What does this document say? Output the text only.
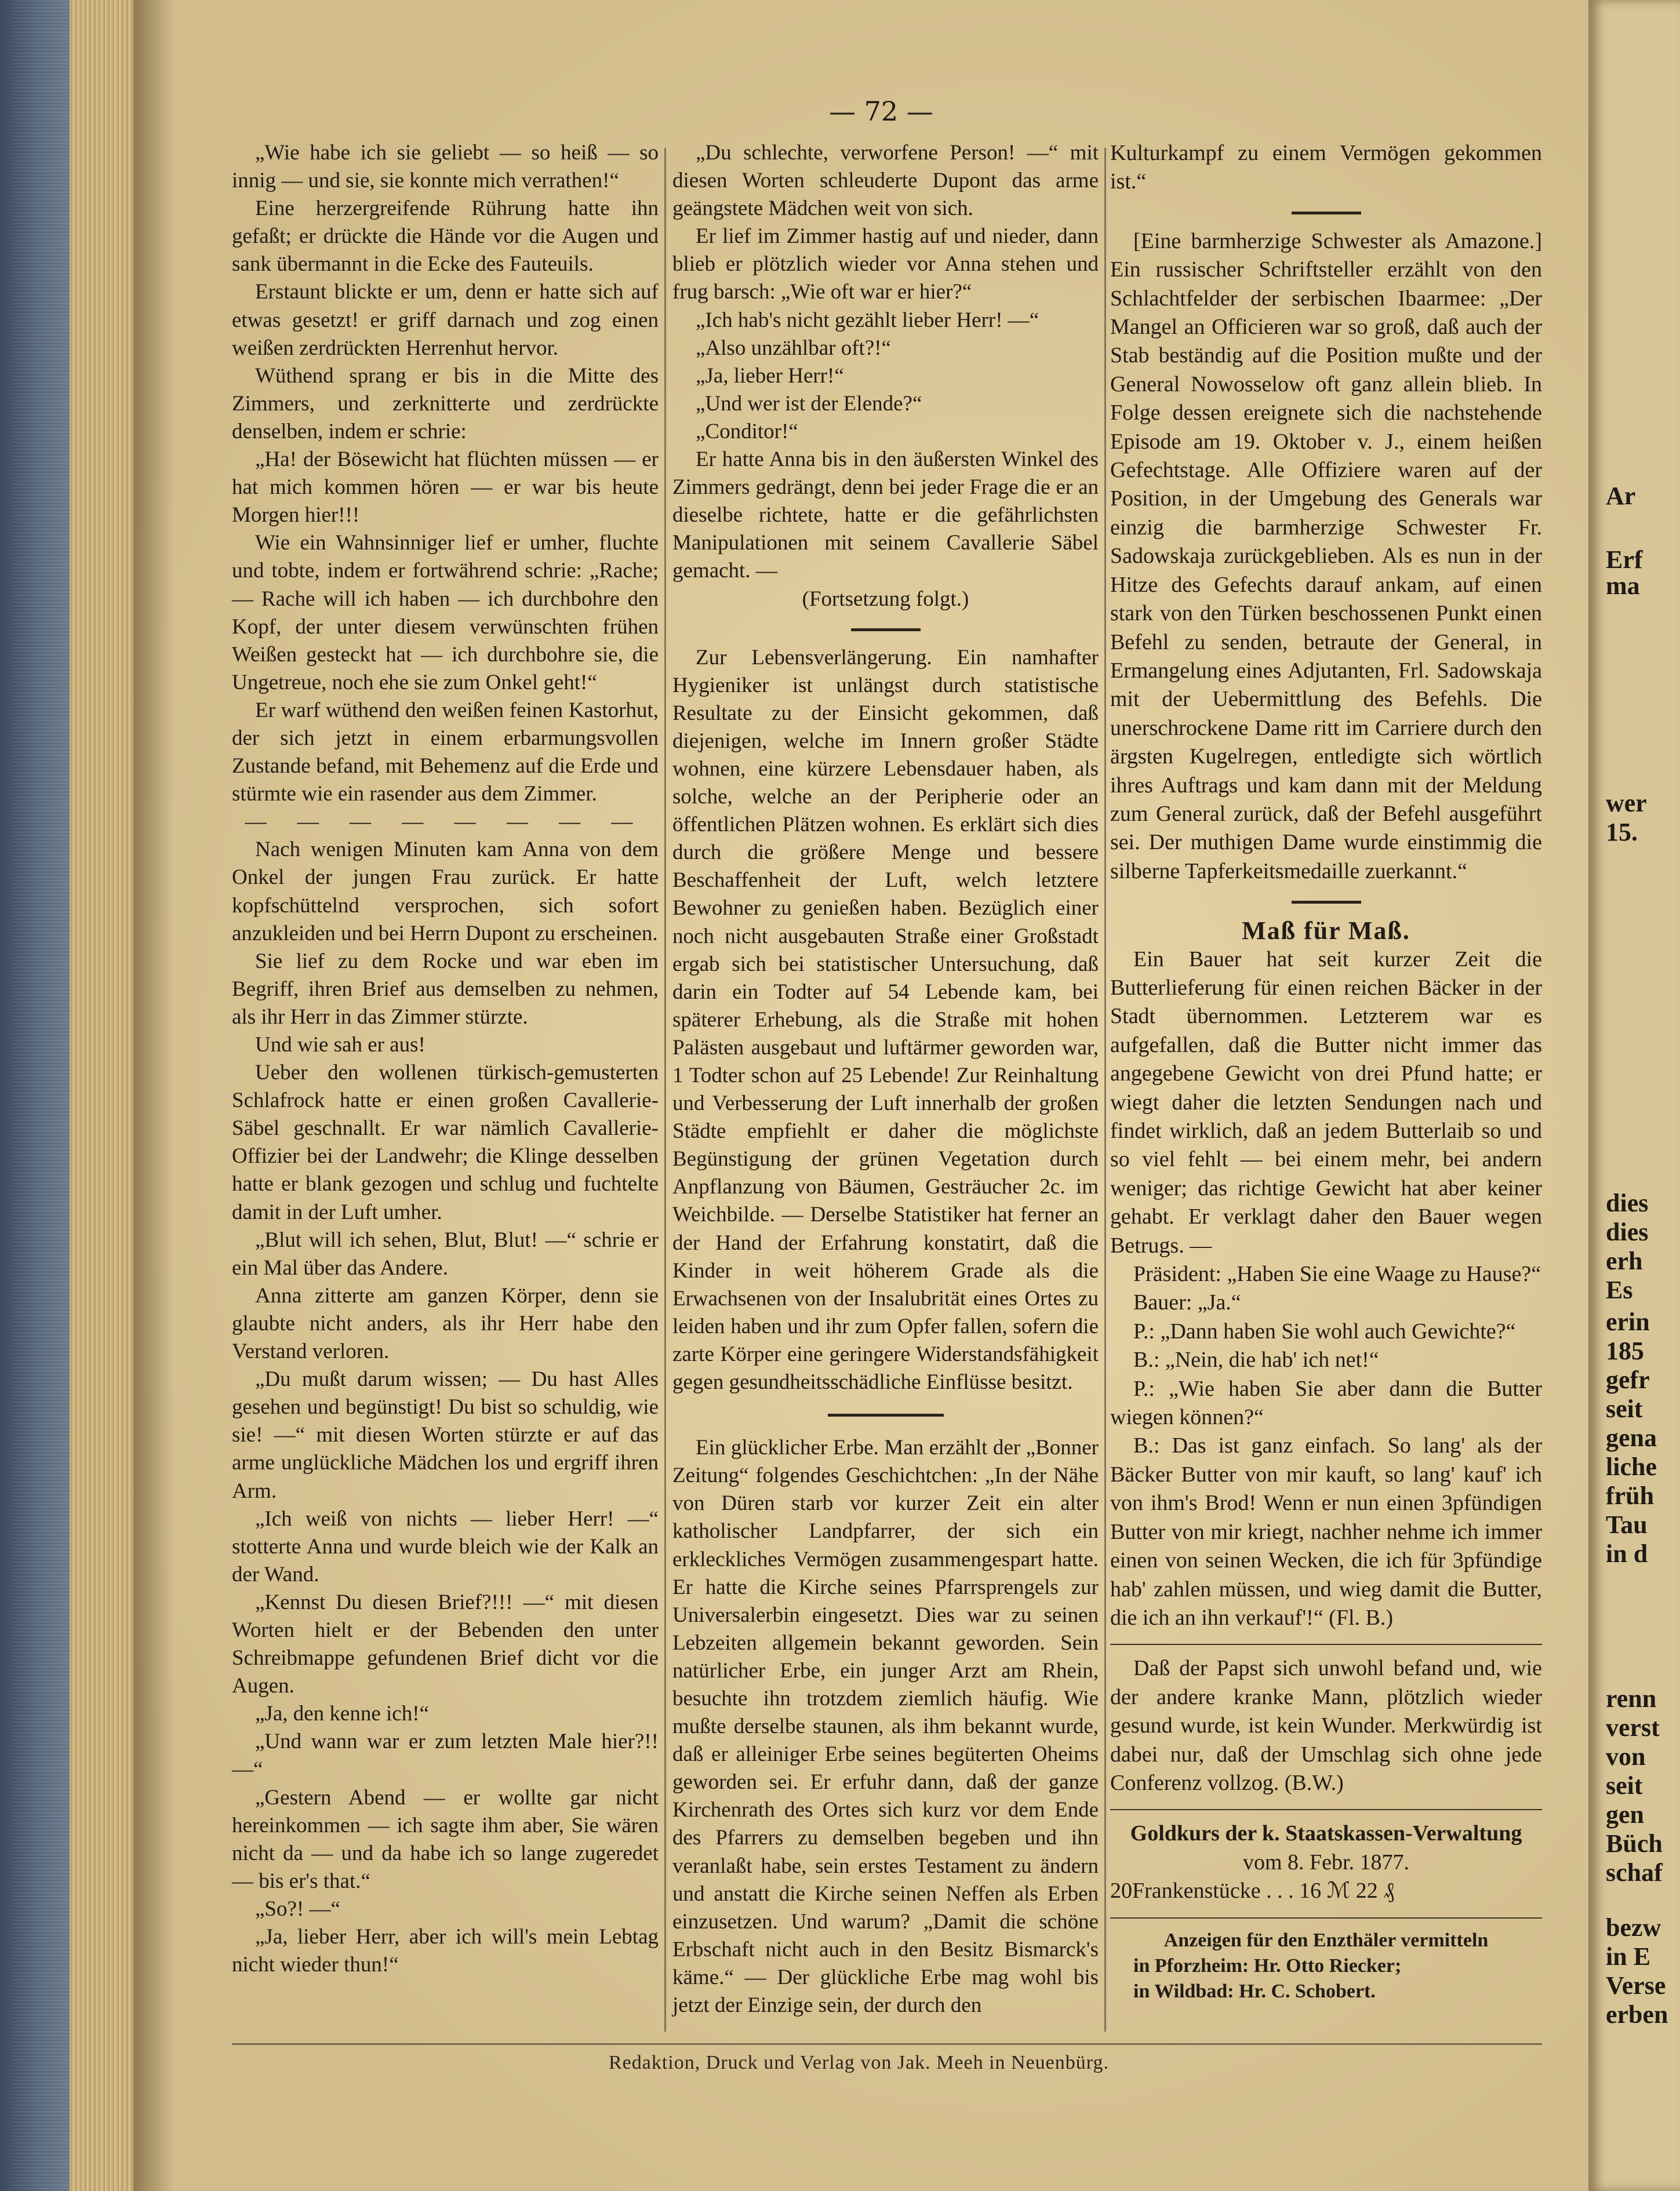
Ar
Erf
ma
wer
15.
dies
dies
erh
Es
erin
185
gefr
seit
gena
liche
früh
Tau
in d
renn
verst
von
seit
gen
Büch
schaf
bezw
in E
Verse
erben
— 72 —

„Wie habe ich sie geliebt — so heiß — so innig — und sie, sie konnte mich verrathen!“

Eine herzergreifende Rührung hatte ihn gefaßt; er drückte die Hände vor die Augen und sank übermannt in die Ecke des Fauteuils.

Erstaunt blickte er um, denn er hatte sich auf etwas gesetzt! er griff darnach und zog einen weißen zerdrückten Herrenhut hervor.

Wüthend sprang er bis in die Mitte des Zimmers, und zerknitterte und zerdrückte denselben, indem er schrie:

„Ha! der Bösewicht hat flüchten müssen — er hat mich kommen hören — er war bis heute Morgen hier!!!

Wie ein Wahnsinniger lief er umher, fluchte und tobte, indem er fortwährend schrie: „Rache; — Rache will ich haben — ich durchbohre den Kopf, der unter diesem verwünschten frühen Weißen gesteckt hat — ich durchbohre sie, die Ungetreue, noch ehe sie zum Onkel geht!“

Er warf wüthend den weißen feinen Kastorhut, der sich jetzt in einem erbarmungsvollen Zustande befand, mit Behemenz auf die Erde und stürmte wie ein rasender aus dem Zimmer.

— — — — — — — —

Nach wenigen Minuten kam Anna von dem Onkel der jungen Frau zurück. Er hatte kopfschüttelnd versprochen, sich sofort anzukleiden und bei Herrn Dupont zu erscheinen.

Sie lief zu dem Rocke und war eben im Begriff, ihren Brief aus demselben zu nehmen, als ihr Herr in das Zimmer stürzte.

Und wie sah er aus!

Ueber den wollenen türkisch-gemusterten Schlafrock hatte er einen großen Cavallerie-Säbel geschnallt. Er war nämlich Cavallerie-Offizier bei der Landwehr; die Klinge desselben hatte er blank gezogen und schlug und fuchtelte damit in der Luft umher.

„Blut will ich sehen, Blut, Blut! —“ schrie er ein Mal über das Andere.

Anna zitterte am ganzen Körper, denn sie glaubte nicht anders, als ihr Herr habe den Verstand verloren.

„Du mußt darum wissen; — Du hast Alles gesehen und begünstigt! Du bist so schuldig, wie sie! —“ mit diesen Worten stürzte er auf das arme unglückliche Mädchen los und ergriff ihren Arm.

„Ich weiß von nichts — lieber Herr! —“ stotterte Anna und wurde bleich wie der Kalk an der Wand.

„Kennst Du diesen Brief?!!! —“ mit diesen Worten hielt er der Bebenden den unter Schreibmappe gefundenen Brief dicht vor die Augen.

„Ja, den kenne ich!“

„Und wann war er zum letzten Male hier?!! —“

„Gestern Abend — er wollte gar nicht hereinkommen — ich sagte ihm aber, Sie wären nicht da — und da habe ich so lange zugeredet — bis er's that.“

„So?! —“

„Ja, lieber Herr, aber ich will's mein Lebtag nicht wieder thun!“

„Du schlechte, verworfene Person! —“ mit diesen Worten schleuderte Dupont das arme geängstete Mädchen weit von sich.

Er lief im Zimmer hastig auf und nieder, dann blieb er plötzlich wieder vor Anna stehen und frug barsch: „Wie oft war er hier?“

„Ich hab's nicht gezählt lieber Herr! —“

„Also unzählbar oft?!“

„Ja, lieber Herr!“

„Und wer ist der Elende?“

„Conditor!“

Er hatte Anna bis in den äußersten Winkel des Zimmers gedrängt, denn bei jeder Frage die er an dieselbe richtete, hatte er die gefährlichsten Manipulationen mit seinem Cavallerie Säbel gemacht. —

(Fortsetzung folgt.)

Zur Lebensverlängerung. Ein namhafter Hygieniker ist unlängst durch statistische Resultate zu der Einsicht gekommen, daß diejenigen, welche im Innern großer Städte wohnen, eine kürzere Lebensdauer haben, als solche, welche an der Peripherie oder an öffentlichen Plätzen wohnen. Es erklärt sich dies durch die größere Menge und bessere Beschaffenheit der Luft, welch letztere Bewohner zu genießen haben. Bezüglich einer noch nicht ausgebauten Straße einer Großstadt ergab sich bei statistischer Untersuchung, daß darin ein Todter auf 54 Lebende kam, bei späterer Erhebung, als die Straße mit hohen Palästen ausgebaut und luftärmer geworden war, 1 Todter schon auf 25 Lebende! Zur Reinhaltung und Verbesserung der Luft innerhalb der großen Städte empfiehlt er daher die möglichste Begünstigung der grünen Vegetation durch Anpflanzung von Bäumen, Gesträucher 2c. im Weichbilde. — Derselbe Statistiker hat ferner an der Hand der Erfahrung konstatirt, daß die Kinder in weit höherem Grade als die Erwachsenen von der Insalubrität eines Ortes zu leiden haben und ihr zum Opfer fallen, sofern die zarte Körper eine geringere Widerstandsfähigkeit gegen gesundheitsschädliche Einflüsse besitzt.

Ein glücklicher Erbe. Man erzählt der „Bonner Zeitung“ folgendes Geschichtchen: „In der Nähe von Düren starb vor kurzer Zeit ein alter katholischer Landpfarrer, der sich ein erkleckliches Vermögen zusammengespart hatte. Er hatte die Kirche seines Pfarrsprengels zur Universalerbin eingesetzt. Dies war zu seinen Lebzeiten allgemein bekannt geworden. Sein natürlicher Erbe, ein junger Arzt am Rhein, besuchte ihn trotzdem ziemlich häufig. Wie mußte derselbe staunen, als ihm bekannt wurde, daß er alleiniger Erbe seines begüterten Oheims geworden sei. Er erfuhr dann, daß der ganze Kirchenrath des Ortes sich kurz vor dem Ende des Pfarrers zu demselben begeben und ihn veranlaßt habe, sein erstes Testament zu ändern und anstatt die Kirche seinen Neffen als Erben einzusetzen. Und warum? „Damit die schöne Erbschaft nicht auch in den Besitz Bismarck's käme.“ — Der glückliche Erbe mag wohl bis jetzt der Einzige sein, der durch den

Kulturkampf zu einem Vermögen gekommen ist.“

[Eine barmherzige Schwester als Amazone.] Ein russischer Schriftsteller erzählt von den Schlachtfelder der serbischen Ibaarmee: „Der Mangel an Officieren war so groß, daß auch der Stab beständig auf die Position mußte und der General Nowosselow oft ganz allein blieb. In Folge dessen ereignete sich die nachstehende Episode am 19. Oktober v. J., einem heißen Gefechtstage. Alle Offiziere waren auf der Position, in der Umgebung des Generals war einzig die barmherzige Schwester Fr. Sadowskaja zurückgeblieben. Als es nun in der Hitze des Gefechts darauf ankam, auf einen stark von den Türken beschossenen Punkt einen Befehl zu senden, betraute der General, in Ermangelung eines Adjutanten, Frl. Sadowskaja mit der Uebermittlung des Befehls. Die unerschrockene Dame ritt im Carriere durch den ärgsten Kugelregen, entledigte sich wörtlich ihres Auftrags und kam dann mit der Meldung zum General zurück, daß der Befehl ausgeführt sei. Der muthigen Dame wurde einstimmig die silberne Tapferkeitsmedaille zuerkannt.“

Maß für Maß.

Ein Bauer hat seit kurzer Zeit die Butterlieferung für einen reichen Bäcker in der Stadt übernommen. Letzterem war es aufgefallen, daß die Butter nicht immer das angegebene Gewicht von drei Pfund hatte; er wiegt daher die letzten Sendungen nach und findet wirklich, daß an jedem Butterlaib so und so viel fehlt — bei einem mehr, bei andern weniger; das richtige Gewicht hat aber keiner gehabt. Er verklagt daher den Bauer wegen Betrugs. —

Präsident: „Haben Sie eine Waage zu Hause?“

Bauer: „Ja.“

P.: „Dann haben Sie wohl auch Gewichte?“

B.: „Nein, die hab' ich net!“

P.: „Wie haben Sie aber dann die Butter wiegen können?“

B.: Das ist ganz einfach. So lang' als der Bäcker Butter von mir kauft, so lang' kauf' ich von ihm's Brod! Wenn er nun einen 3pfündigen Butter von mir kriegt, nachher nehme ich immer einen von seinen Wecken, die ich für 3pfündige hab' zahlen müssen, und wieg damit die Butter, die ich an ihn verkauf'!“ (Fl. B.)

Daß der Papst sich unwohl befand und, wie der andere kranke Mann, plötzlich wieder gesund wurde, ist kein Wunder. Merkwürdig ist dabei nur, daß der Umschlag sich ohne jede Conferenz vollzog. (B.W.)

Goldkurs der k. Staatskassen-Verwaltung

vom 8. Febr. 1877.

20Frankenstücke . . . 16 ℳ 22 ₰

Anzeigen für den Enzthäler vermitteln

in Pforzheim: Hr. Otto Riecker;

in Wildbad: Hr. C. Schobert.

Redaktion, Druck und Verlag von Jak. Meeh in Neuenbürg.
